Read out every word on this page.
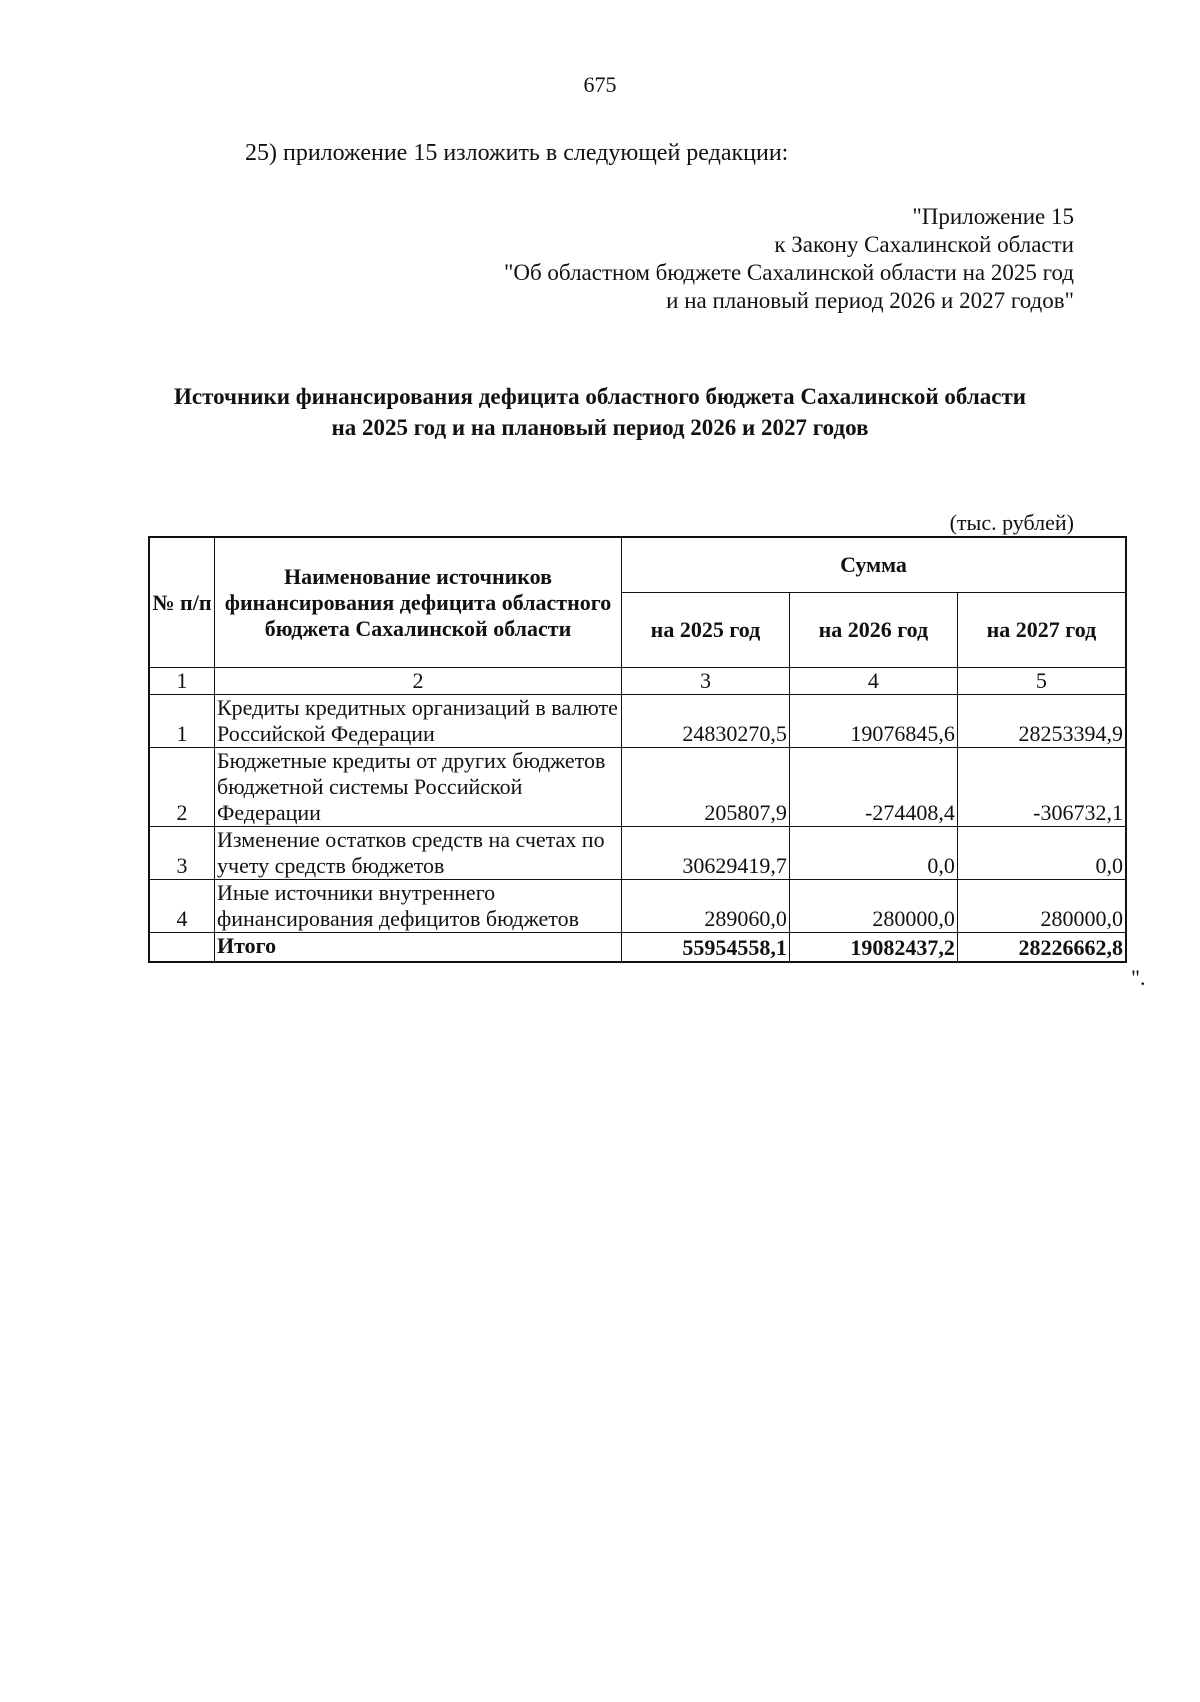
675
25) приложение 15 изложить в следующей редакции:
"Приложение 15
к Закону Сахалинской области
"Об областном бюджете Сахалинской области на 2025 год
и на плановый период 2026 и 2027 годов"
Источники финансирования дефицита областного бюджета Сахалинской области
на 2025 год и на плановый период 2026 и 2027 годов
(тыс. рублей)
№ п/п	Наименование источников финансирования дефицита областного бюджета Сахалинской области	Сумма		
		на 2025 год	на 2026 год	на 2027 год
1	2	3	4	5
1	Кредиты кредитных организаций в валюте Российской Федерации	24830270,5	19076845,6	28253394,9
2	Бюджетные кредиты от других бюджетов бюджетной системы Российской Федерации	205807,9	-274408,4	-306732,1
3	Изменение остатков средств на счетах по учету средств бюджетов	30629419,7	0,0	0,0
4	Иные источники внутреннего финансирования дефицитов бюджетов	289060,0	280000,0	280000,0
	Итого	55954558,1	19082437,2	28226662,8
".
